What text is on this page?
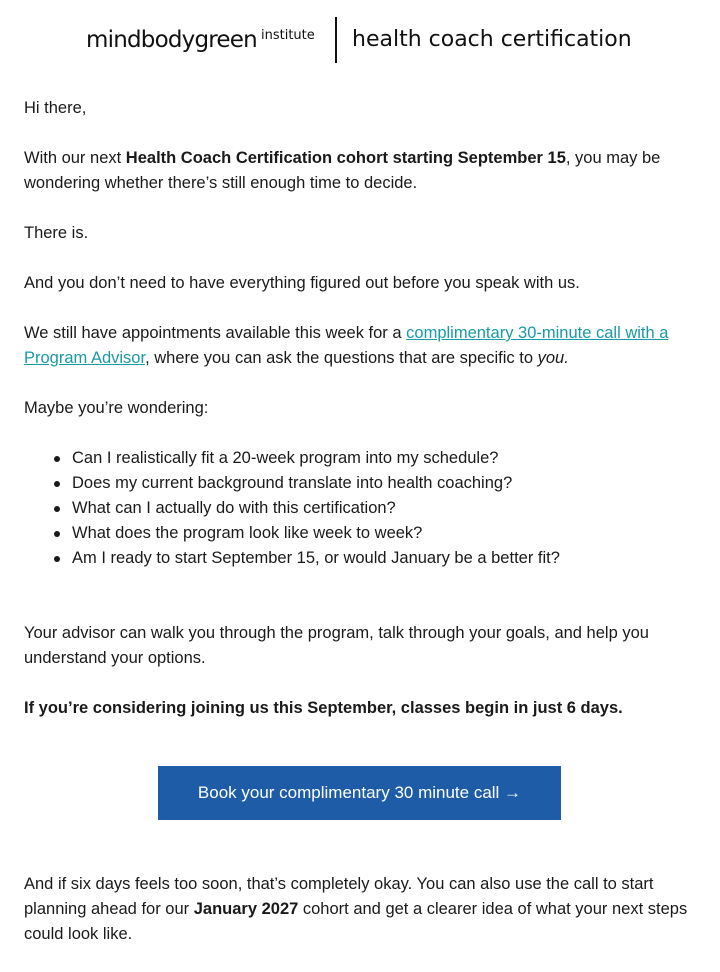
mindbodygreen institute health coach certification

Hi there,

With our next Health Coach Certification cohort starting September 15, you may be wondering whether there’s still enough time to decide.

There is.

And you don’t need to have everything figured out before you speak with us.

We still have appointments available this week for a complimentary 30-minute call with a Program Advisor, where you can ask the questions that are specific to you.

Maybe you’re wondering:

Can I realistically fit a 20-week program into my schedule?
Does my current background translate into health coaching?
What can I actually do with this certification?
What does the program look like week to week?
Am I ready to start September 15, or would January be a better fit?

Your advisor can walk you through the program, talk through your goals, and help you understand your options.

If you’re considering joining us this September, classes begin in just 6 days.

Book your complimentary 30 minute call →

And if six days feels too soon, that’s completely okay. You can also use the call to start planning ahead for our January 2027 cohort and get a clearer idea of what your next steps could look like.
